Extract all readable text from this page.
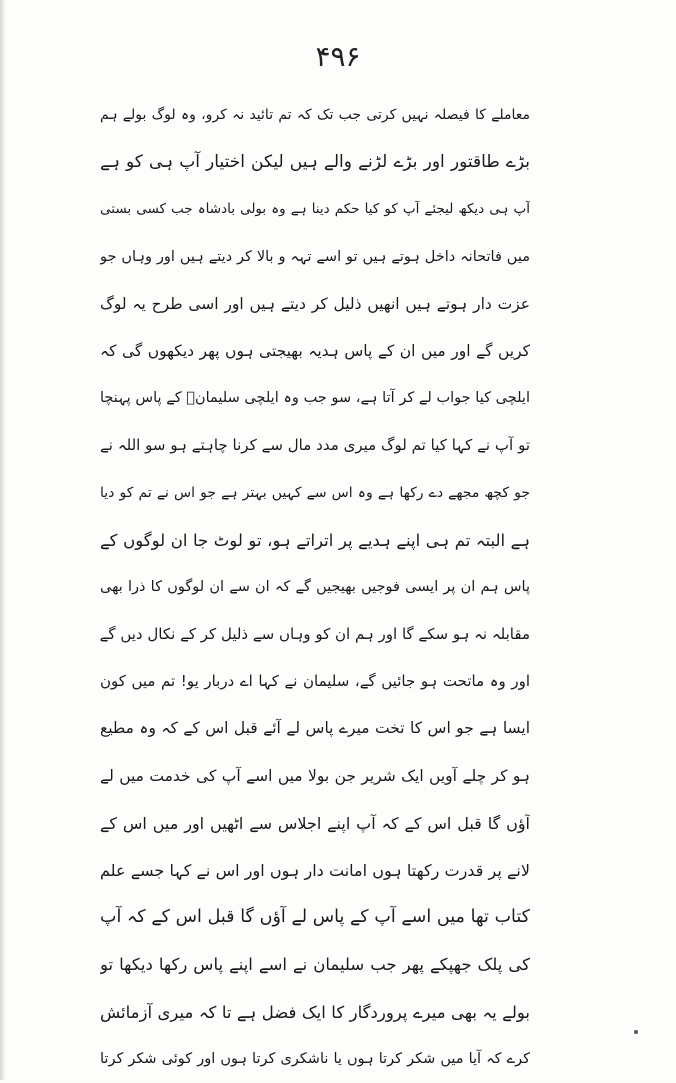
۴۹۶
معاملے کا فیصلہ نہیں کرتی جب تک کہ تم تائید نہ کرو، وہ لوگ بولے ہم
بڑے طاقتور اور بڑے لڑنے والے ہیں لیکن اختیار آپ ہی کو ہے
آپ ہی دیکھ لیجئے آپ کو کیا حکم دینا ہے وہ بولی بادشاہ جب کسی بستی
میں فاتحانہ داخل ہوتے ہیں تو اسے تہہ و بالا کر دیتے ہیں اور وہاں جو
عزت دار ہوتے ہیں انھیں ذلیل کر دیتے ہیں اور اسی طرح یہ لوگ
کریں گے اور میں ان کے پاس ہدیہ بھیجتی ہوں پھر دیکھوں گی کہ
ایلچی کیا جواب لے کر آتا ہے، سو جب وہ ایلچی سلیمانؑ کے پاس پہنچا
تو آپ نے کہا کیا تم لوگ میری مدد مال سے کرنا چاہتے ہو سو اللہ نے
جو کچھ مجھے دے رکھا ہے وہ اس سے کہیں بہتر ہے جو اس نے تم کو دیا
ہے البتہ تم ہی اپنے ہدیے پر اتراتے ہو، تو لوٹ جا ان لوگوں کے
پاس ہم ان پر ایسی فوجیں بھیجیں گے کہ ان سے ان لوگوں کا ذرا بھی
مقابلہ نہ ہو سکے گا اور ہم ان کو وہاں سے ذلیل کر کے نکال دیں گے
اور وہ ماتحت ہو جائیں گے، سلیمان نے کہا اے دربار یو! تم میں کون
ایسا ہے جو اس کا تخت میرے پاس لے آئے قبل اس کے کہ وہ مطیع
ہو کر چلے آویں ایک شریر جن بولا میں اسے آپ کی خدمت میں لے
آؤں گا قبل اس کے کہ آپ اپنے اجلاس سے اٹھیں اور میں اس کے
لانے پر قدرت رکھتا ہوں امانت دار ہوں اور اس نے کہا جسے علم
کتاب تھا میں اسے آپ کے پاس لے آؤں گا قبل اس کے کہ آپ
کی پلک جھپکے پھر جب سلیمان نے اسے اپنے پاس رکھا دیکھا تو
بولے یہ بھی میرے پروردگار کا ایک فضل ہے تا کہ میری آزمائش
کرے کہ آیا میں شکر کرتا ہوں یا ناشکری کرتا ہوں اور کوئی شکر کرتا
